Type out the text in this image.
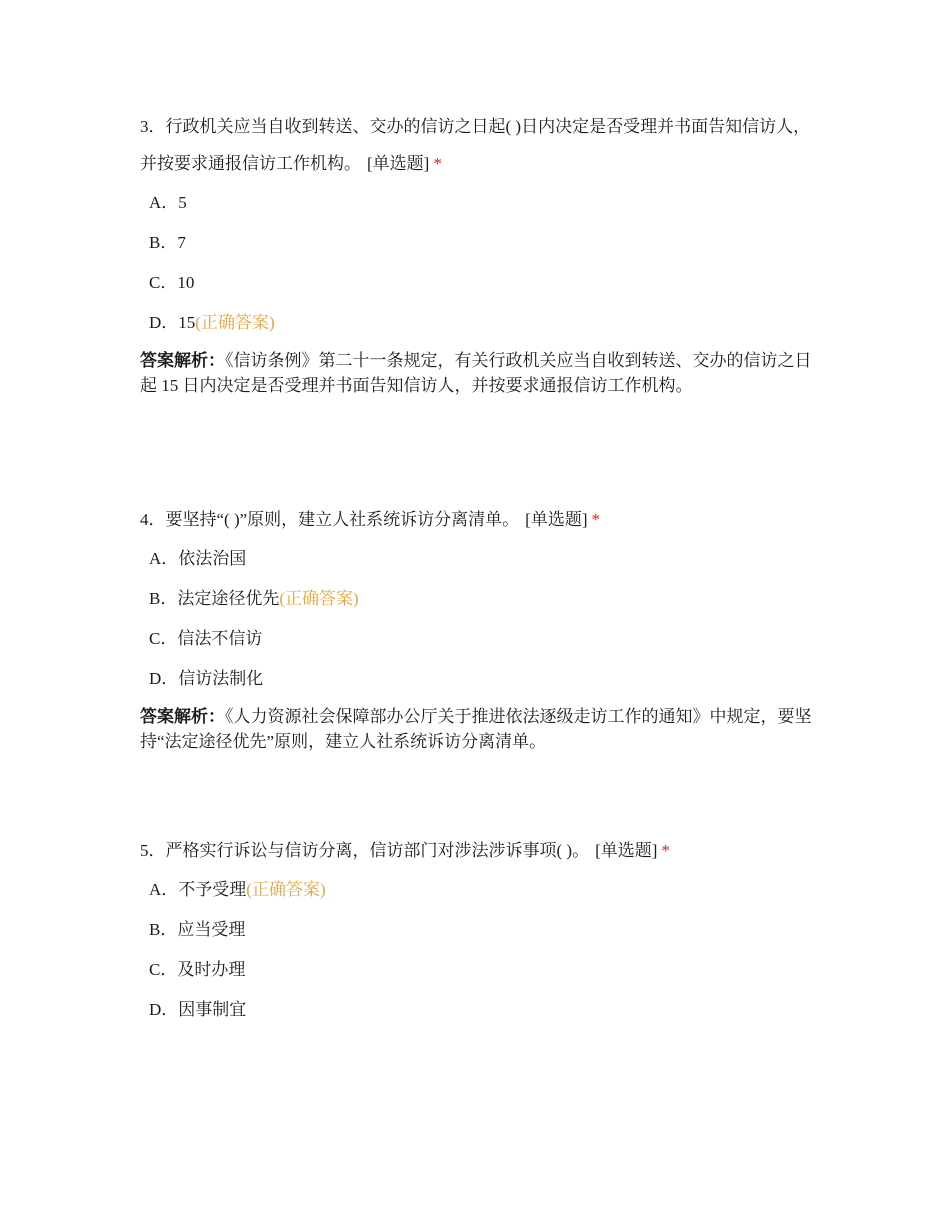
3．行政机关应当自收到转送、交办的信访之日起( )日内决定是否受理并书面告知信访人，并按要求通报信访工作机构。 [单选题] *

A．5
B．7
C．10
D．15(正确答案)
答案解析：《信访条例》第二十一条规定，有关行政机关应当自收到转送、交办的信访之日起 15 日内决定是否受理并书面告知信访人，并按要求通报信访工作机构。

4．要坚持“( )”原则，建立人社系统诉访分离清单。 [单选题] *

A．依法治国
B．法定途径优先(正确答案)
C．信法不信访
D．信访法制化
答案解析：《人力资源社会保障部办公厅关于推进依法逐级走访工作的通知》中规定，要坚持“法定途径优先”原则，建立人社系统诉访分离清单。

5．严格实行诉讼与信访分离，信访部门对涉法涉诉事项( )。 [单选题] *

A．不予受理(正确答案)
B．应当受理
C．及时办理
D．因事制宜
